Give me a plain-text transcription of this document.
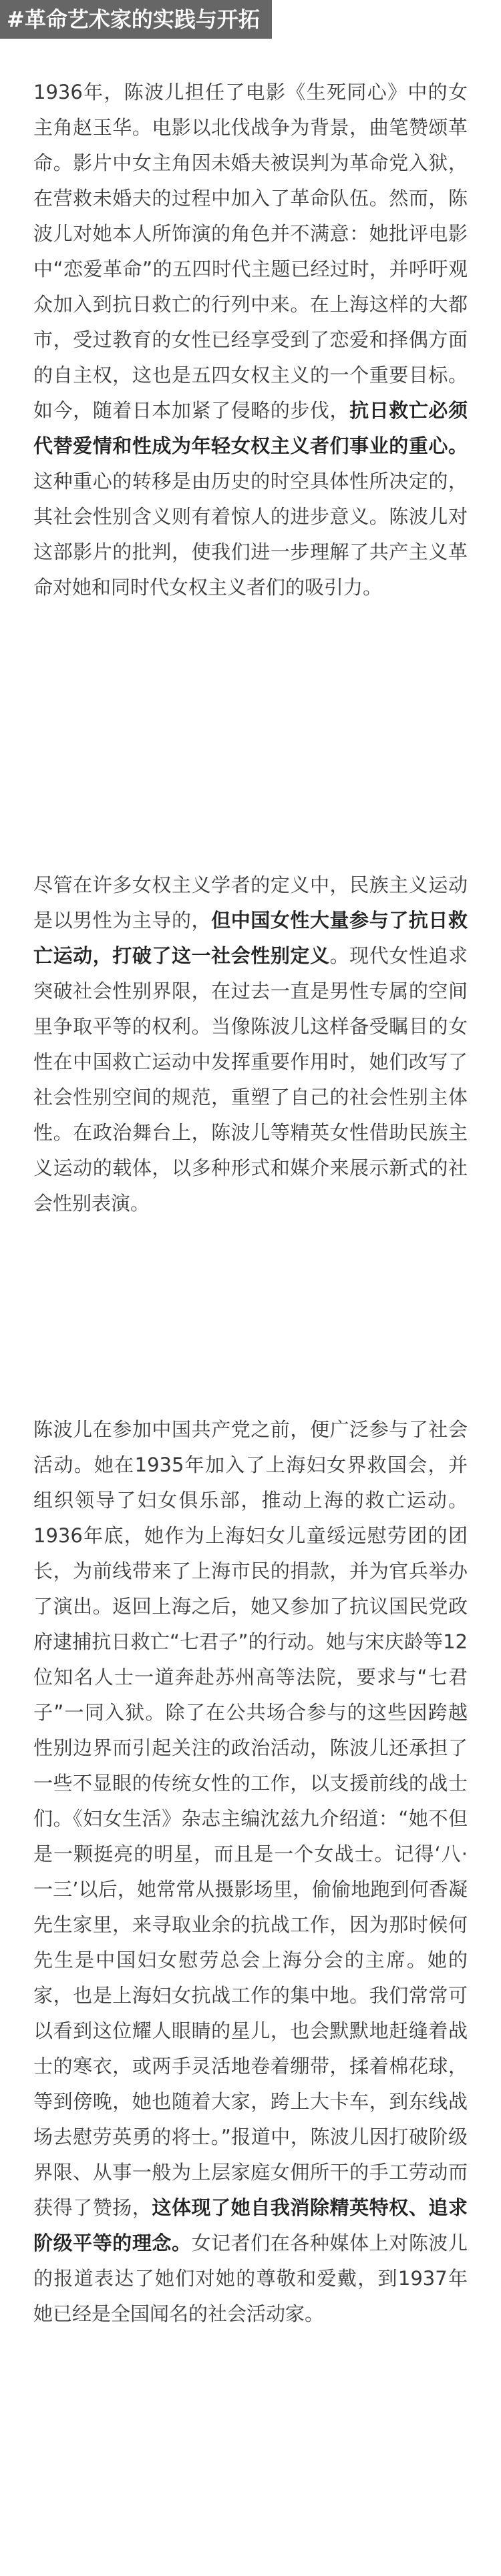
#革命艺术家的实践与开拓
1936年，陈波儿担任了电影《生死同心》中的女主角赵玉华。电影以北伐战争为背景，曲笔赞颂革命。影片中女主角因未婚夫被误判为革命党入狱，在营救未婚夫的过程中加入了革命队伍。然而，陈波儿对她本人所饰演的角色并不满意：她批评电影中“恋爱革命”的五四时代主题已经过时，并呼吁观众加入到抗日救亡的行列中来。在上海这样的大都市，受过教育的女性已经享受到了恋爱和择偶方面的自主权，这也是五四女权主义的一个重要目标。如今，随着日本加紧了侵略的步伐，抗日救亡必须代替爱情和性成为年轻女权主义者们事业的重心。这种重心的转移是由历史的时空具体性所决定的，其社会性别含义则有着惊人的进步意义。陈波儿对这部影片的批判，使我们进一步理解了共产主义革命对她和同时代女权主义者们的吸引力。
尽管在许多女权主义学者的定义中，民族主义运动是以男性为主导的，但中国女性大量参与了抗日救亡运动，打破了这一社会性别定义。现代女性追求突破社会性别界限，在过去一直是男性专属的空间里争取平等的权利。当像陈波儿这样备受瞩目的女性在中国救亡运动中发挥重要作用时，她们改写了社会性别空间的规范，重塑了自己的社会性别主体性。在政治舞台上，陈波儿等精英女性借助民族主义运动的载体，以多种形式和媒介来展示新式的社会性别表演。
陈波儿在参加中国共产党之前，便广泛参与了社会活动。她在1935年加入了上海妇女界救国会，并组织领导了妇女俱乐部，推动上海的救亡运动。1936年底，她作为上海妇女儿童绥远慰劳团的团长，为前线带来了上海市民的捐款，并为官兵举办了演出。返回上海之后，她又参加了抗议国民党政府逮捕抗日救亡“七君子”的行动。她与宋庆龄等12位知名人士一道奔赴苏州高等法院，要求与“七君子”一同入狱。除了在公共场合参与的这些因跨越性别边界而引起关注的政治活动，陈波儿还承担了一些不显眼的传统女性的工作，以支援前线的战士们。《妇女生活》杂志主编沈兹九介绍道：“她不但是一颗挺亮的明星，而且是一个女战士。记得‘八·一三’以后，她常常从摄影场里，偷偷地跑到何香凝先生家里，来寻取业余的抗战工作，因为那时候何先生是中国妇女慰劳总会上海分会的主席。她的家，也是上海妇女抗战工作的集中地。我们常常可以看到这位耀人眼睛的星儿，也会默默地赶缝着战士的寒衣，或两手灵活地卷着绷带，揉着棉花球，等到傍晚，她也随着大家，跨上大卡车，到东线战场去慰劳英勇的将士。”报道中，陈波儿因打破阶级界限、从事一般为上层家庭女佣所干的手工劳动而获得了赞扬，这体现了她自我消除精英特权、追求阶级平等的理念。女记者们在各种媒体上对陈波儿的报道表达了她们对她的尊敬和爱戴，到1937年她已经是全国闻名的社会活动家。
